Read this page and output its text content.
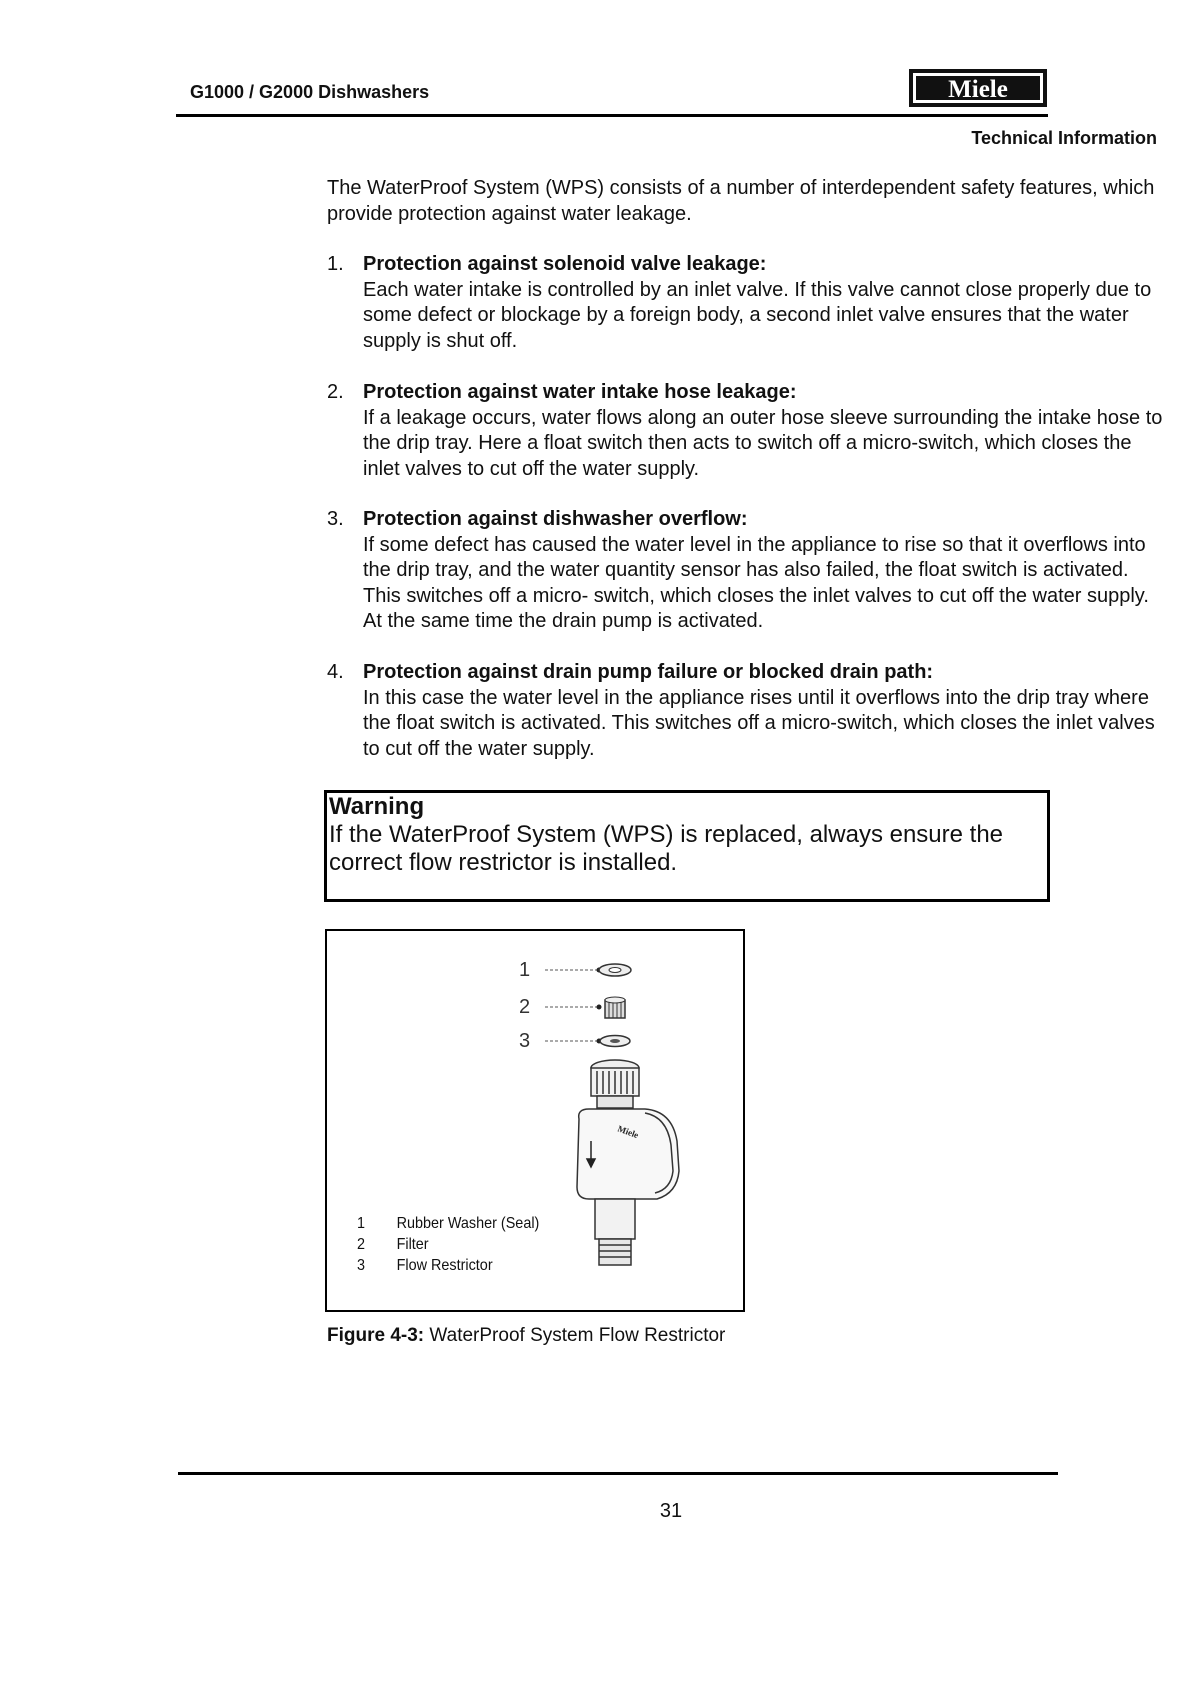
G1000 / G2000 Dishwashers	Miele
Technical Information
The WaterProof System (WPS) consists of a number of interdependent safety features, which provide protection against water leakage.
1. Protection against solenoid valve leakage:
Each water intake is controlled by an inlet valve. If this valve cannot close properly due to some defect or blockage by a foreign body, a second inlet valve ensures that the water supply is shut off.
2. Protection against water intake hose leakage:
If a leakage occurs, water flows along an outer hose sleeve surrounding the intake hose to the drip tray. Here a float switch then acts to switch off a micro-switch, which closes the inlet valves to cut off the water supply.
3. Protection against dishwasher overflow:
If some defect has caused the water level in the appliance to rise so that it overflows into the drip tray, and the water quantity sensor has also failed, the float switch is activated. This switches off a micro- switch, which closes the inlet valves to cut off the water supply. At the same time the drain pump is activated.
4. Protection against drain pump failure or blocked drain path:
In this case the water level in the appliance rises until it overflows into the drip tray where the float switch is activated. This switches off a micro-switch, which closes the inlet valves to cut off the water supply.
Warning
If the WaterProof System (WPS) is replaced, always ensure the correct flow restrictor is installed.
1
2
3
Miele
1	Rubber Washer (Seal)
2	Filter
3	Flow Restrictor
Figure 4-3: WaterProof System Flow Restrictor
31
